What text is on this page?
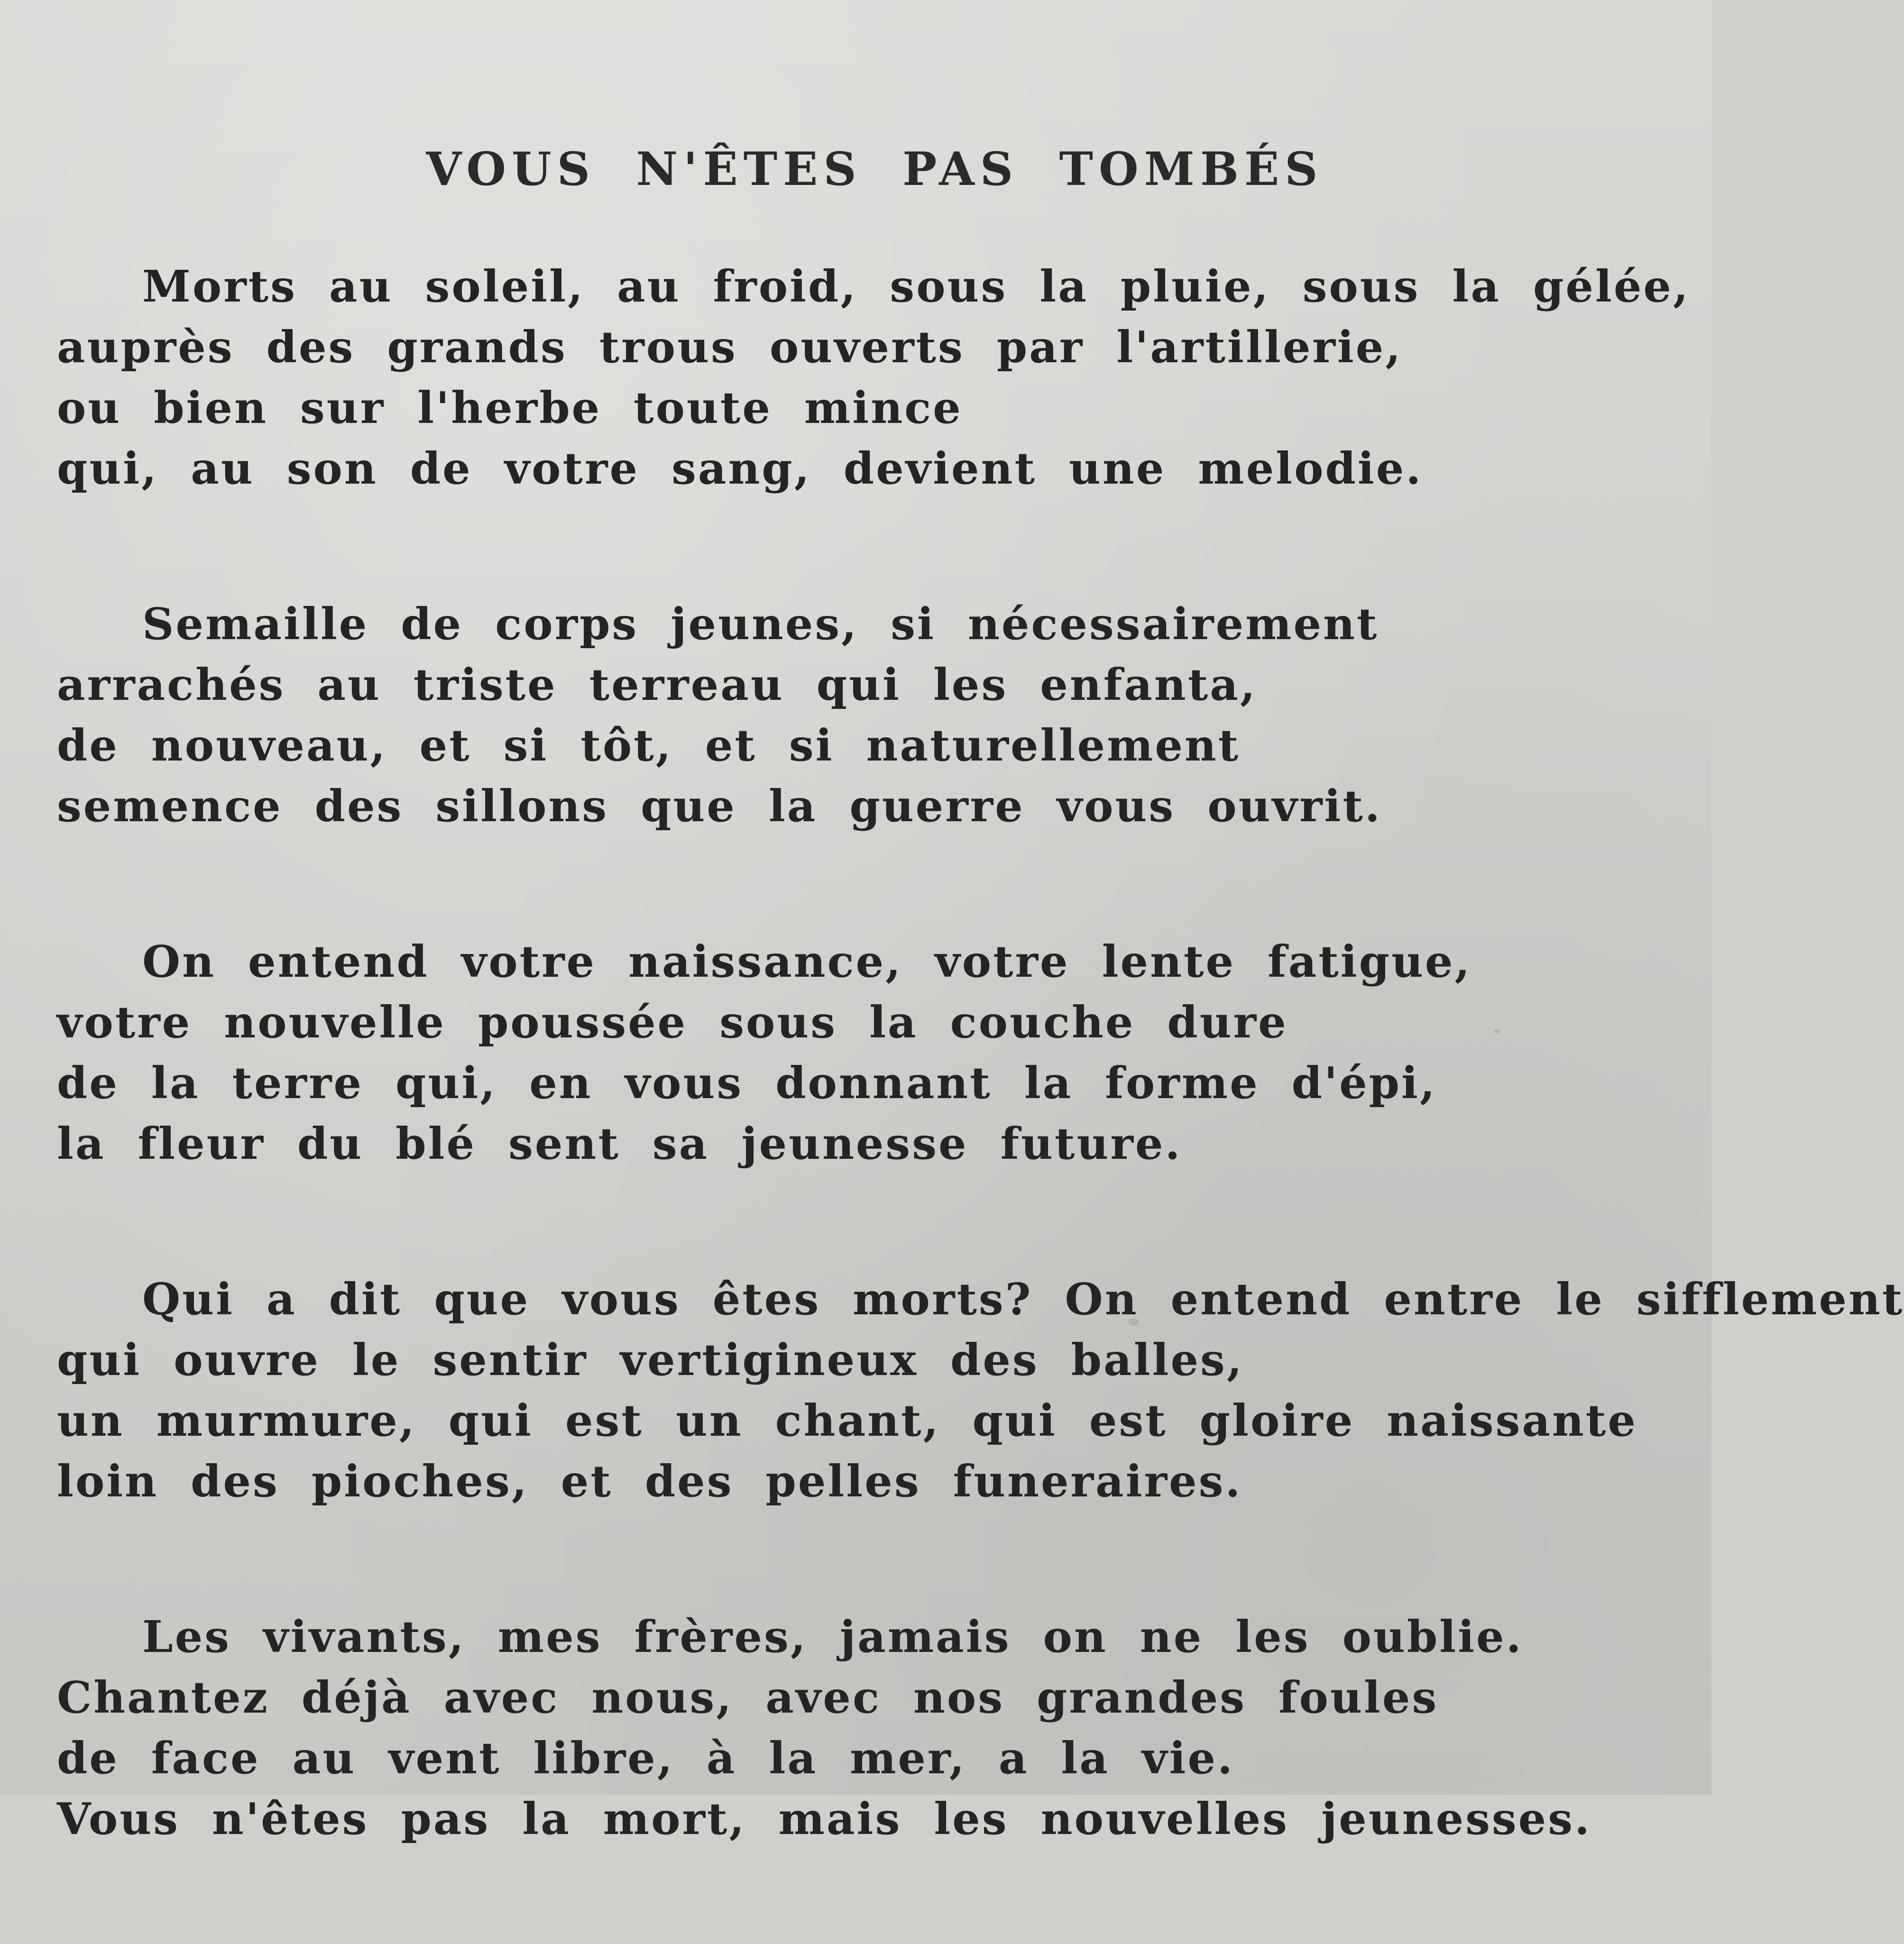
VOUS N'ÊTES PAS TOMBÉS
Morts au soleil, au froid, sous la pluie, sous la gélée,
auprès des grands trous ouverts par l'artillerie,
ou bien sur l'herbe toute mince
qui, au son de votre sang, devient une melodie.
Semaille de corps jeunes, si nécessairement
arrachés au triste terreau qui les enfanta,
de nouveau, et si tôt, et si naturellement
semence des sillons que la guerre vous ouvrit.
On entend votre naissance, votre lente fatigue,
votre nouvelle poussée sous la couche dure
de la terre qui, en vous donnant la forme d'épi,
la fleur du blé sent sa jeunesse future.
Qui a dit que vous êtes morts? On entend entre le sifflement
qui ouvre le sentir vertigineux des balles,
un murmure, qui est un chant, qui est gloire naissante
loin des pioches, et des pelles funeraires.
Les vivants, mes frères, jamais on ne les oublie.
Chantez déjà avec nous, avec nos grandes foules
de face au vent libre, à la mer, a la vie.
Vous n'êtes pas la mort, mais les nouvelles jeunesses.
